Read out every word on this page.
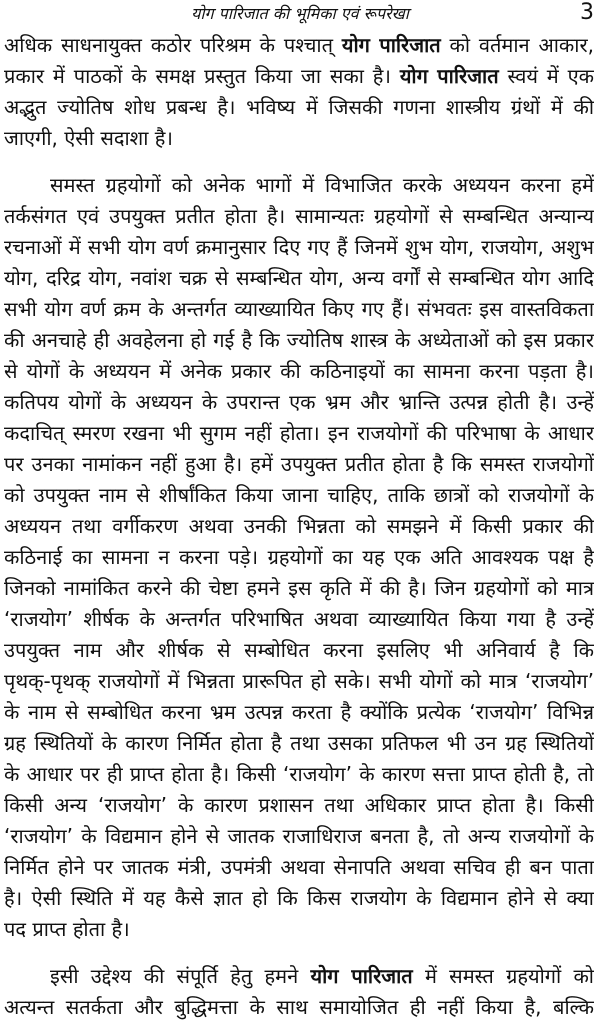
योग पारिजात की भूमिका एवं रूपरेखा	3
अधिक साधनायुक्त कठोर परिश्रम के पश्चात् योग पारिजात को वर्तमान आकार,
प्रकार में पाठकों के समक्ष प्रस्तुत किया जा सका है। योग पारिजात स्वयं में एक
अद्भुत ज्योतिष शोध प्रबन्ध है। भविष्य में जिसकी गणना शास्त्रीय ग्रंथों में की
जाएगी, ऐसी सदाशा है।
समस्त ग्रहयोगों को अनेक भागों में विभाजित करके अध्ययन करना हमें
तर्कसंगत एवं उपयुक्त प्रतीत होता है। सामान्यतः ग्रहयोगों से सम्बन्धित अन्यान्य
रचनाओं में सभी योग वर्ण क्रमानुसार दिए गए हैं जिनमें शुभ योग, राजयोग, अशुभ
योग, दरिद्र योग, नवांश चक्र से सम्बन्धित योग, अन्य वर्गों से सम्बन्धित योग आदि
सभी योग वर्ण क्रम के अन्तर्गत व्याख्यायित किए गए हैं। संभवतः इस वास्तविकता
की अनचाहे ही अवहेलना हो गई है कि ज्योतिष शास्त्र के अध्येताओं को इस प्रकार
से योगों के अध्ययन में अनेक प्रकार की कठिनाइयों का सामना करना पड़ता है।
कतिपय योगों के अध्ययन के उपरान्त एक भ्रम और भ्रान्ति उत्पन्न होती है। उन्हें
कदाचित् स्मरण रखना भी सुगम नहीं होता। इन राजयोगों की परिभाषा के आधार
पर उनका नामांकन नहीं हुआ है। हमें उपयुक्त प्रतीत होता है कि समस्त राजयोगों
को उपयुक्त नाम से शीर्षांकित किया जाना चाहिए, ताकि छात्रों को राजयोगों के
अध्ययन तथा वर्गीकरण अथवा उनकी भिन्नता को समझने में किसी प्रकार की
कठिनाई का सामना न करना पड़े। ग्रहयोगों का यह एक अति आवश्यक पक्ष है
जिनको नामांकित करने की चेष्टा हमने इस कृति में की है। जिन ग्रहयोगों को मात्र
‘राजयोग’ शीर्षक के अन्तर्गत परिभाषित अथवा व्याख्यायित किया गया है उन्हें
उपयुक्त नाम और शीर्षक से सम्बोधित करना इसलिए भी अनिवार्य है कि
पृथक्-पृथक् राजयोगों में भिन्नता प्रारूपित हो सके। सभी योगों को मात्र ‘राजयोग’
के नाम से सम्बोधित करना भ्रम उत्पन्न करता है क्योंकि प्रत्येक ‘राजयोग’ विभिन्न
ग्रह स्थितियों के कारण निर्मित होता है तथा उसका प्रतिफल भी उन ग्रह स्थितियों
के आधार पर ही प्राप्त होता है। किसी ‘राजयोग’ के कारण सत्ता प्राप्त होती है, तो
किसी अन्य ‘राजयोग’ के कारण प्रशासन तथा अधिकार प्राप्त होता है। किसी
‘राजयोग’ के विद्यमान होने से जातक राजाधिराज बनता है, तो अन्य राजयोगों के
निर्मित होने पर जातक मंत्री, उपमंत्री अथवा सेनापति अथवा सचिव ही बन पाता
है। ऐसी स्थिति में यह कैसे ज्ञात हो कि किस राजयोग के विद्यमान होने से क्या
पद प्राप्त होता है।
इसी उद्देश्य की संपूर्ति हेतु हमने योग पारिजात में समस्त ग्रहयोगों को
अत्यन्त सतर्कता और बुद्धिमत्ता के साथ समायोजित ही नहीं किया है, बल्कि
